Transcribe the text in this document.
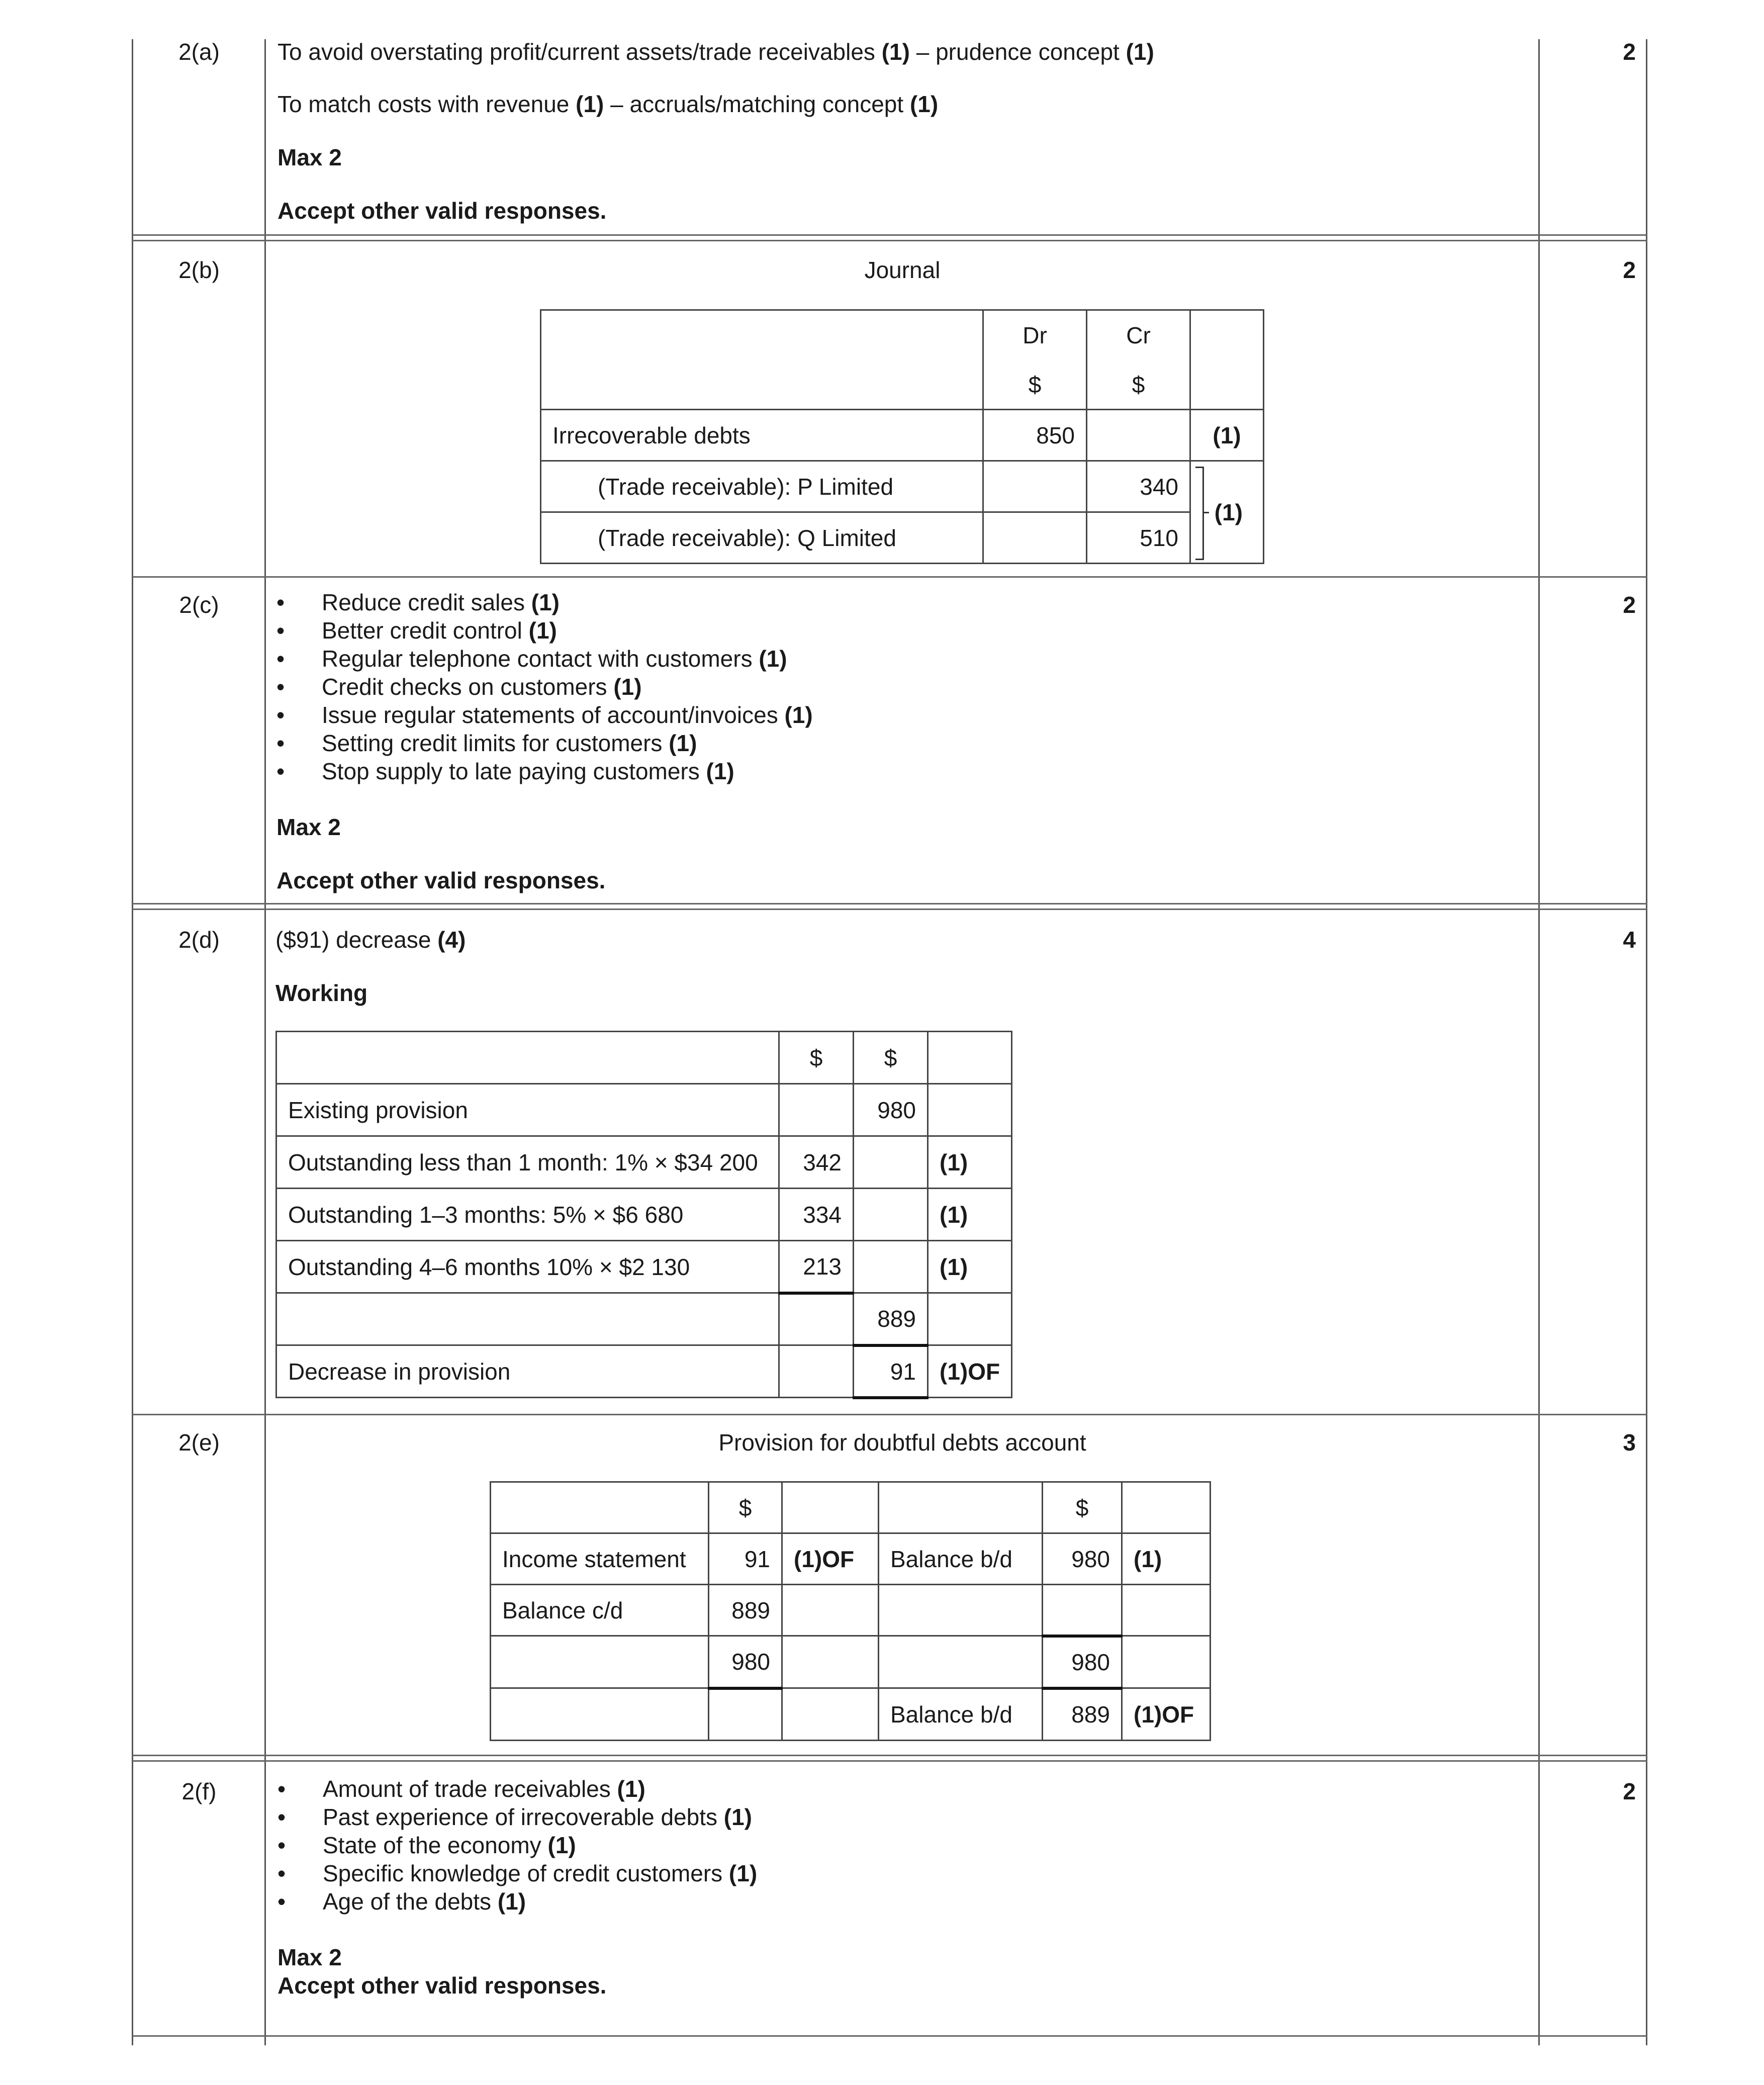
2(a)	2
To avoid overstating profit/current assets/trade receivables (1) – prudence concept (1)
To match costs with revenue (1) – accruals/matching concept (1)
Max 2
Accept other valid responses.
2(b)	2
Journal
	Dr	Cr	
	$	$	
Irrecoverable debts	850		(1)
(Trade receivable): P Limited		340	(1)
(Trade receivable): Q Limited		510	
2(c)	2
• Reduce credit sales (1)
• Better credit control (1)
• Regular telephone contact with customers (1)
• Credit checks on customers (1)
• Issue regular statements of account/invoices (1)
• Setting credit limits for customers (1)
• Stop supply to late paying customers (1)
Max 2
Accept other valid responses.
2(d)	4
($91) decrease (4)
Working
	$	$	
Existing provision		980	
Outstanding less than 1 month: 1% × $34 200	342		(1)
Outstanding 1–3 months: 5% × $6 680	334		(1)
Outstanding 4–6 months 10% × $2 130	213		(1)
		889	
Decrease in provision		91	(1)OF
2(e)	3
Provision for doubtful debts account
	$			$	
Income statement	91	(1)OF	Balance b/d	980	(1)
Balance c/d	889				
	980			980	
			Balance b/d	889	(1)OF
2(f)	2
• Amount of trade receivables (1)
• Past experience of irrecoverable debts (1)
• State of the economy (1)
• Specific knowledge of credit customers (1)
• Age of the debts (1)
Max 2
Accept other valid responses.
